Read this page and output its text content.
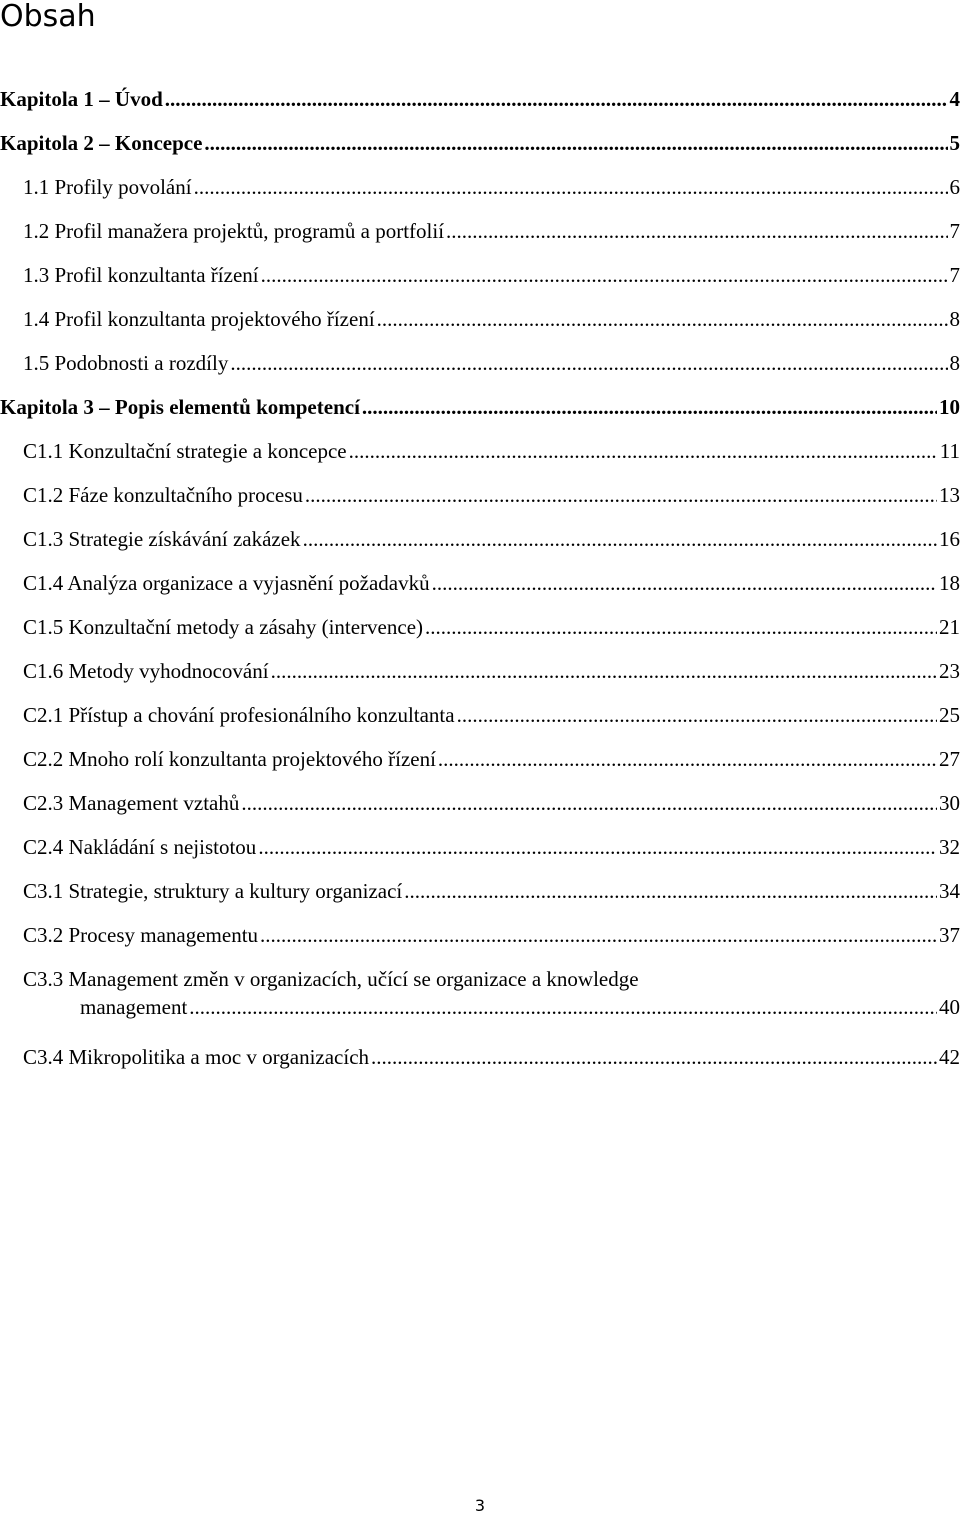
Obsah
Kapitola 1 – Úvod .....	4
Kapitola 2 – Koncepce .....	5
1.1 Profily povolání .....	6
1.2 Profil manažera projektů, programů a portfolií .....	7
1.3 Profil konzultanta řízení .....	7
1.4 Profil konzultanta projektového řízení .....	8
1.5 Podobnosti a rozdíly .....	8
Kapitola 3 – Popis elementů kompetencí .....	10
C1.1 Konzultační strategie a koncepce .....	11
C1.2 Fáze konzultačního procesu .....	13
C1.3 Strategie získávání zakázek .....	16
C1.4 Analýza organizace a vyjasnění požadavků .....	18
C1.5 Konzultační metody a zásahy (intervence) .....	21
C1.6 Metody vyhodnocování .....	23
C2.1 Přístup a chování profesionálního konzultanta .....	25
C2.2 Mnoho rolí konzultanta projektového řízení .....	27
C2.3 Management vztahů .....	30
C2.4 Nakládání s nejistotou .....	32
C3.1 Strategie, struktury a kultury organizací .....	34
C3.2 Procesy managementu .....	37
C3.3 Management změn v organizacích, učící se organizace a knowledge
management .....	40
C3.4 Mikropolitika a moc v organizacích .....	42
3
